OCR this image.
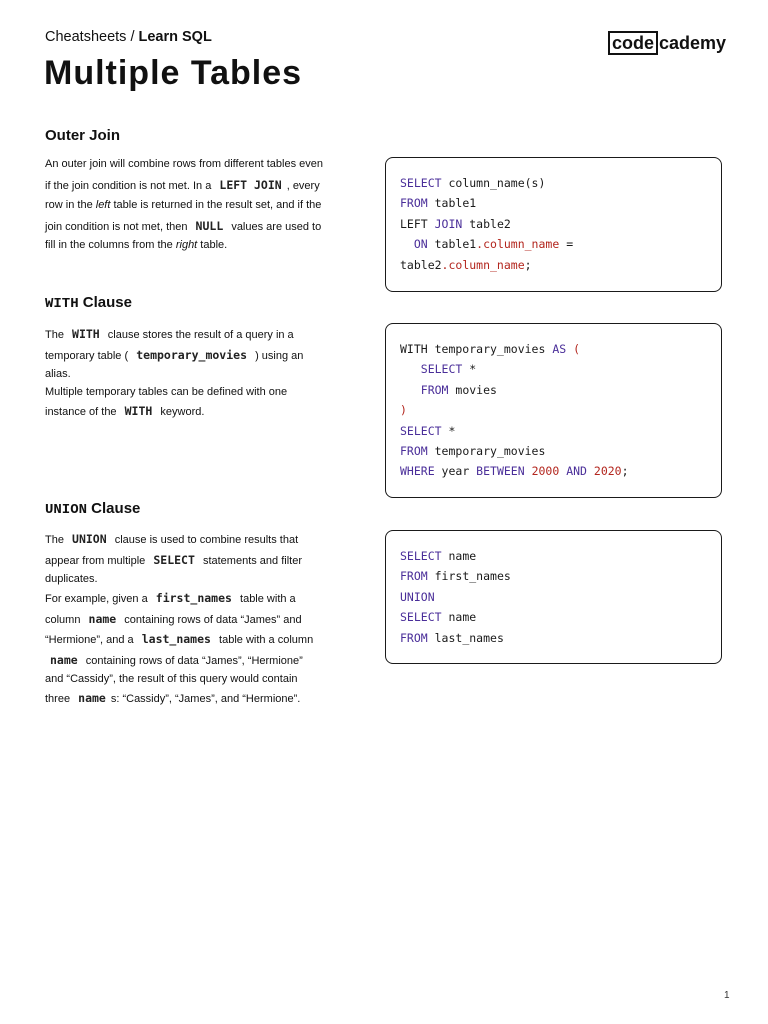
Cheatsheets / Learn SQL	code cademy
Multiple Tables
Outer Join
An outer join will combine rows from different tables even
if the join condition is not met. In a LEFT JOIN , every
row in the left table is returned in the result set, and if the
join condition is not met, then NULL values are used to
fill in the columns from the right table.
SELECT column_name(s)
FROM table1
LEFT JOIN table2
ON table1.column_name =
table2.column_name;
WITH Clause
The WITH clause stores the result of a query in a
temporary table ( temporary_movies ) using an
alias.
Multiple temporary tables can be defined with one
instance of the WITH keyword.
WITH temporary_movies AS (
SELECT *
FROM movies
)
SELECT *
FROM temporary_movies
WHERE year BETWEEN 2000 AND 2020;
UNION Clause
The UNION clause is used to combine results that
appear from multiple SELECT statements and filter
duplicates.
For example, given a first_names table with a
column name containing rows of data “James” and
“Hermione”, and a last_names table with a column
name containing rows of data “James”, “Hermione”
and “Cassidy”, the result of this query would contain
three name s: “Cassidy”, “James”, and “Hermione”.
SELECT name
FROM first_names
UNION
SELECT name
FROM last_names
1
